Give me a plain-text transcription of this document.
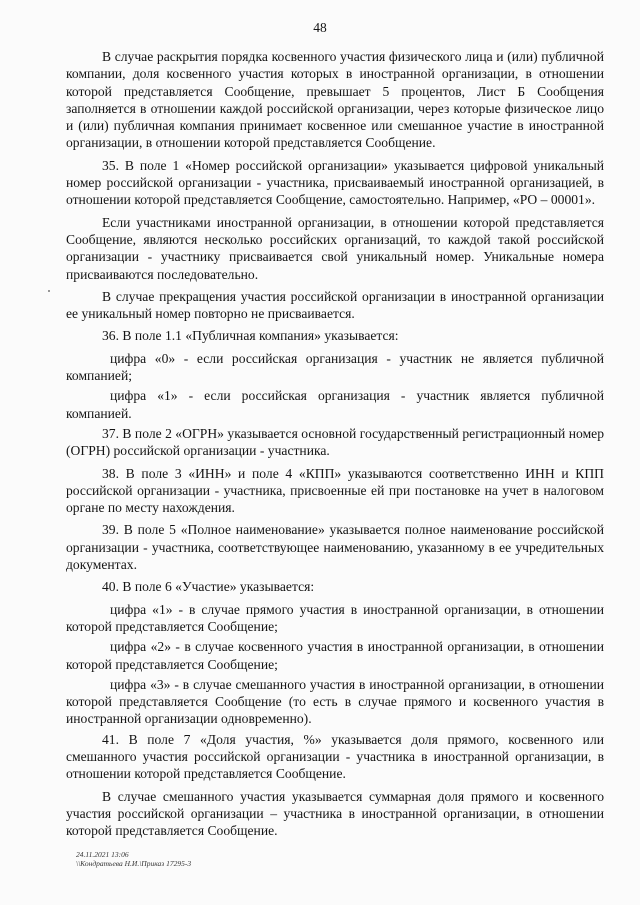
48

В случае раскрытия порядка косвенного участия физического лица и (или) публичной компании, доля косвенного участия которых в иностранной организации, в отношении которой представляется Сообщение, превышает 5 процентов, Лист Б Сообщения заполняется в отношении каждой российской организации, через которые физическое лицо и (или) публичная компания принимает косвенное или смешанное участие в иностранной организации, в отношении которой представляется Сообщение.

35. В поле 1 «Номер российской организации» указывается цифровой уникальный номер российской организации - участника, присваиваемый иностранной организацией, в отношении которой представляется Сообщение, самостоятельно. Например, «РО – 00001».

Если участниками иностранной организации, в отношении которой представляется Сообщение, являются несколько российских организаций, то каждой такой российской организации - участнику присваивается свой уникальный номер. Уникальные номера присваиваются последовательно.

В случае прекращения участия российской организации в иностранной организации ее уникальный номер повторно не присваивается.

36. В поле 1.1 «Публичная компания» указывается:

цифра «0» - если российская организация - участник не является публичной компанией;

цифра «1» - если российская организация - участник является публичной компанией.

37. В поле 2 «ОГРН» указывается основной государственный регистрационный номер (ОГРН) российской организации - участника.

38. В поле 3 «ИНН» и поле 4 «КПП» указываются соответственно ИНН и КПП российской организации - участника, присвоенные ей при постановке на учет в налоговом органе по месту нахождения.

39. В поле 5 «Полное наименование» указывается полное наименование российской организации - участника, соответствующее наименованию, указанному в ее учредительных документах.

40. В поле 6 «Участие» указывается:

цифра «1» - в случае прямого участия в иностранной организации, в отношении которой представляется Сообщение;

цифра «2» - в случае косвенного участия в иностранной организации, в отношении которой представляется Сообщение;

цифра «3» - в случае смешанного участия в иностранной организации, в отношении которой представляется Сообщение (то есть в случае прямого и косвенного участия в иностранной организации одновременно).

41. В поле 7 «Доля участия, %» указывается доля прямого, косвенного или смешанного участия российской организации - участника в иностранной организации, в отношении которой представляется Сообщение.

В случае смешанного участия указывается суммарная доля прямого и косвенного участия российской организации – участника в иностранной организации, в отношении которой представляется Сообщение.

24.11.2021 13:06
\\Кондратьева Н.И.\Приказ 17295-3
